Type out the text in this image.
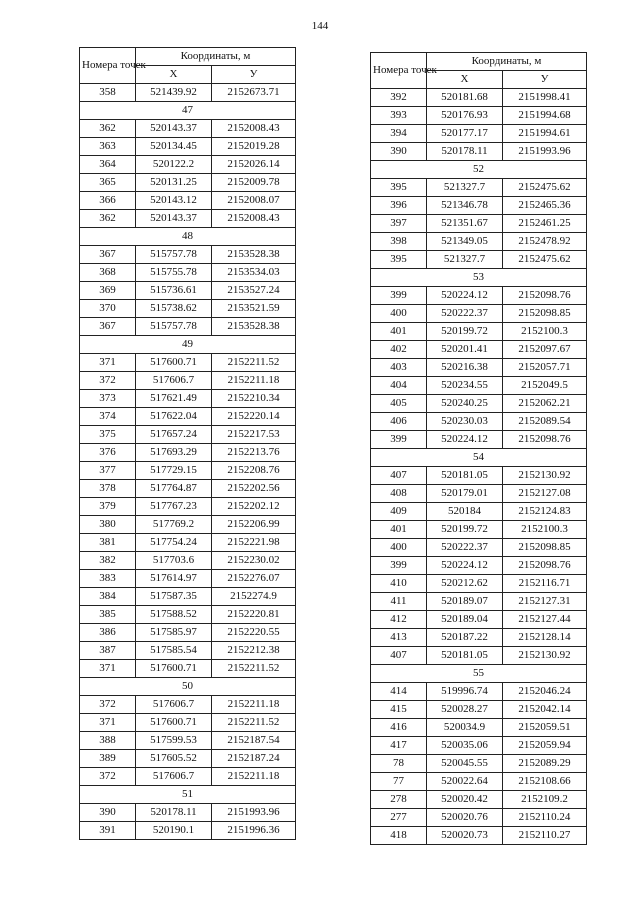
144
Номера точек	Координаты, м	
	X	У
358	521439.92	2152673.71
47		
362	520143.37	2152008.43
363	520134.45	2152019.28
364	520122.2	2152026.14
365	520131.25	2152009.78
366	520143.12	2152008.07
362	520143.37	2152008.43
48		
367	515757.78	2153528.38
368	515755.78	2153534.03
369	515736.61	2153527.24
370	515738.62	2153521.59
367	515757.78	2153528.38
49		
371	517600.71	2152211.52
372	517606.7	2152211.18
373	517621.49	2152210.34
374	517622.04	2152220.14
375	517657.24	2152217.53
376	517693.29	2152213.76
377	517729.15	2152208.76
378	517764.87	2152202.56
379	517767.23	2152202.12
380	517769.2	2152206.99
381	517754.24	2152221.98
382	517703.6	2152230.02
383	517614.97	2152276.07
384	517587.35	2152274.9
385	517588.52	2152220.81
386	517585.97	2152220.55
387	517585.54	2152212.38
371	517600.71	2152211.52
50		
372	517606.7	2152211.18
371	517600.71	2152211.52
388	517599.53	2152187.54
389	517605.52	2152187.24
372	517606.7	2152211.18
51		
390	520178.11	2151993.96
391	520190.1	2151996.36
Номера точек	Координаты, м	
	X	У
392	520181.68	2151998.41
393	520176.93	2151994.68
394	520177.17	2151994.61
390	520178.11	2151993.96
52		
395	521327.7	2152475.62
396	521346.78	2152465.36
397	521351.67	2152461.25
398	521349.05	2152478.92
395	521327.7	2152475.62
53		
399	520224.12	2152098.76
400	520222.37	2152098.85
401	520199.72	2152100.3
402	520201.41	2152097.67
403	520216.38	2152057.71
404	520234.55	2152049.5
405	520240.25	2152062.21
406	520230.03	2152089.54
399	520224.12	2152098.76
54		
407	520181.05	2152130.92
408	520179.01	2152127.08
409	520184	2152124.83
401	520199.72	2152100.3
400	520222.37	2152098.85
399	520224.12	2152098.76
410	520212.62	2152116.71
411	520189.07	2152127.31
412	520189.04	2152127.44
413	520187.22	2152128.14
407	520181.05	2152130.92
55		
414	519996.74	2152046.24
415	520028.27	2152042.14
416	520034.9	2152059.51
417	520035.06	2152059.94
78	520045.55	2152089.29
77	520022.64	2152108.66
278	520020.42	2152109.2
277	520020.76	2152110.24
418	520020.73	2152110.27
